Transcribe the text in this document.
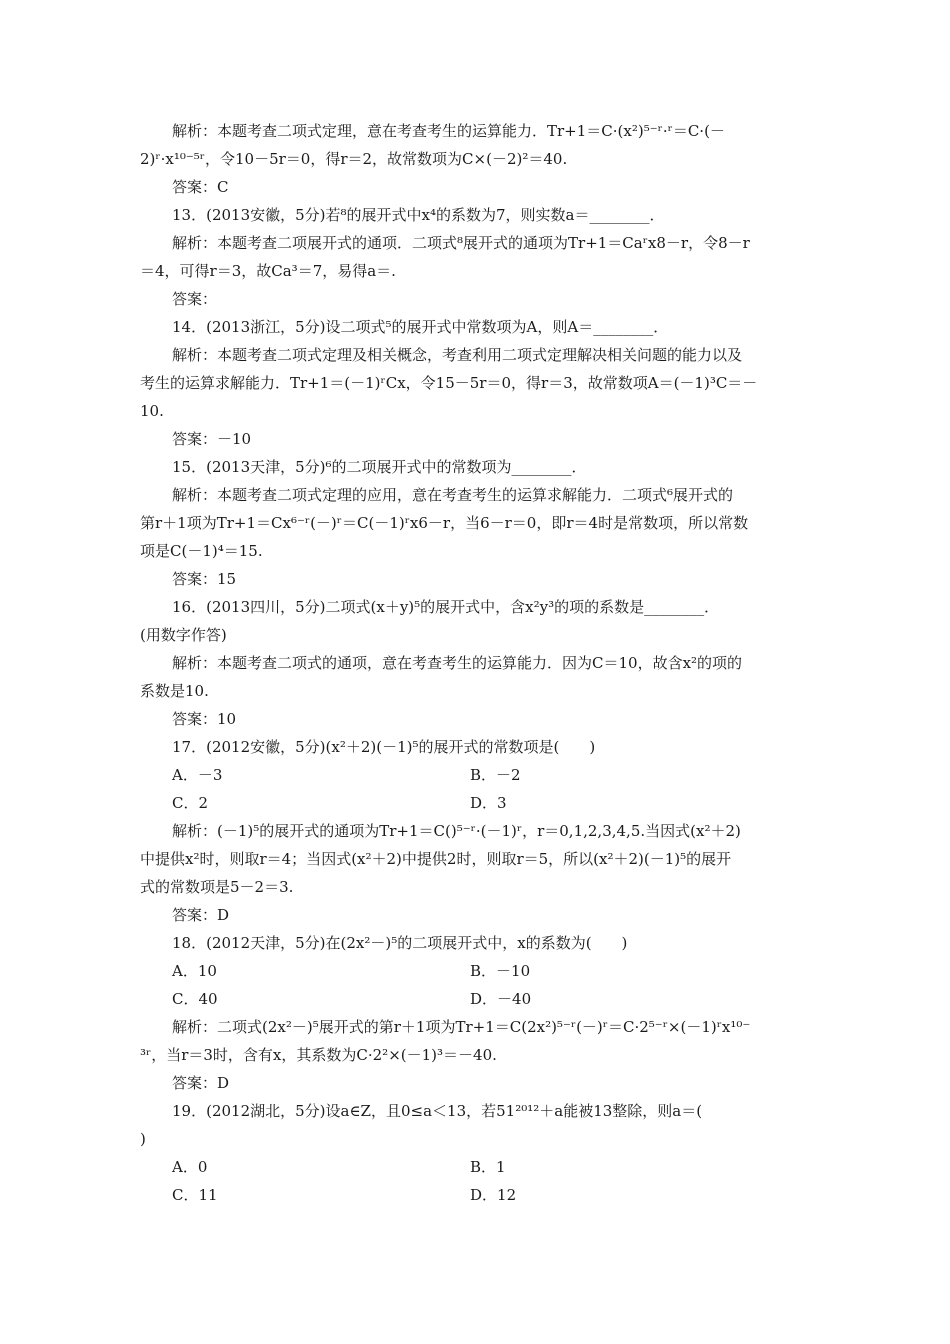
解析：本题考查二项式定理，意在考查考生的运算能力．Tr+1＝C·(x²)⁵⁻ʳ·ʳ＝C·(－
2)ʳ·x¹⁰⁻⁵ʳ，令10－5r＝0，得r＝2，故常数项为C×(－2)²＝40.
答案：C
13．(2013安徽，5分)若⁸的展开式中x⁴的系数为7，则实数a＝________．
解析：本题考查二项展开式的通项．二项式⁸展开式的通项为Tr+1＝Caʳx8－r，令8－r
＝4，可得r＝3，故Ca³＝7，易得a＝.
答案：
14．(2013浙江，5分)设二项式⁵的展开式中常数项为A，则A＝________．
解析：本题考查二项式定理及相关概念，考查利用二项式定理解决相关问题的能力以及
考生的运算求解能力．Tr+1＝(－1)ʳCx，令15－5r＝0，得r＝3，故常数项A＝(－1)³C＝－
10.
答案：－10
15．(2013天津，5分)⁶的二项展开式中的常数项为________．
解析：本题考查二项式定理的应用，意在考查考生的运算求解能力．二项式⁶展开式的
第r＋1项为Tr+1＝Cx⁶⁻ʳ(－)ʳ＝C(－1)ʳx6－r，当6－r＝0，即r＝4时是常数项，所以常数
项是C(－1)⁴＝15.
答案：15
16．(2013四川，5分)二项式(x＋y)⁵的展开式中，含x²y³的项的系数是________．
(用数字作答)
解析：本题考查二项式的通项，意在考查考生的运算能力．因为C＝10，故含x²的项的
系数是10.
答案：10
17．(2012安徽，5分)(x²＋2)(－1)⁵的展开式的常数项是(　　)
A．－3	B．－2
C．2	D．3
解析：(－1)⁵的展开式的通项为Tr+1＝C()⁵⁻ʳ·(－1)ʳ，r＝0,1,2,3,4,5.当因式(x²＋2)
中提供x²时，则取r＝4；当因式(x²＋2)中提供2时，则取r＝5，所以(x²＋2)(－1)⁵的展开
式的常数项是5－2＝3.
答案：D
18．(2012天津，5分)在(2x²－)⁵的二项展开式中，x的系数为(　　)
A．10	B．－10
C．40	D．－40
解析：二项式(2x²－)⁵展开式的第r＋1项为Tr+1＝C(2x²)⁵⁻ʳ(－)ʳ＝C·2⁵⁻ʳ×(－1)ʳx¹⁰⁻
³ʳ，当r＝3时，含有x，其系数为C·2²×(－1)³＝－40.
答案：D
19．(2012湖北，5分)设a∈Z，且0≤a＜13，若51²⁰¹²＋a能被13整除，则a＝(
)
A．0	B．1
C．11	D．12
